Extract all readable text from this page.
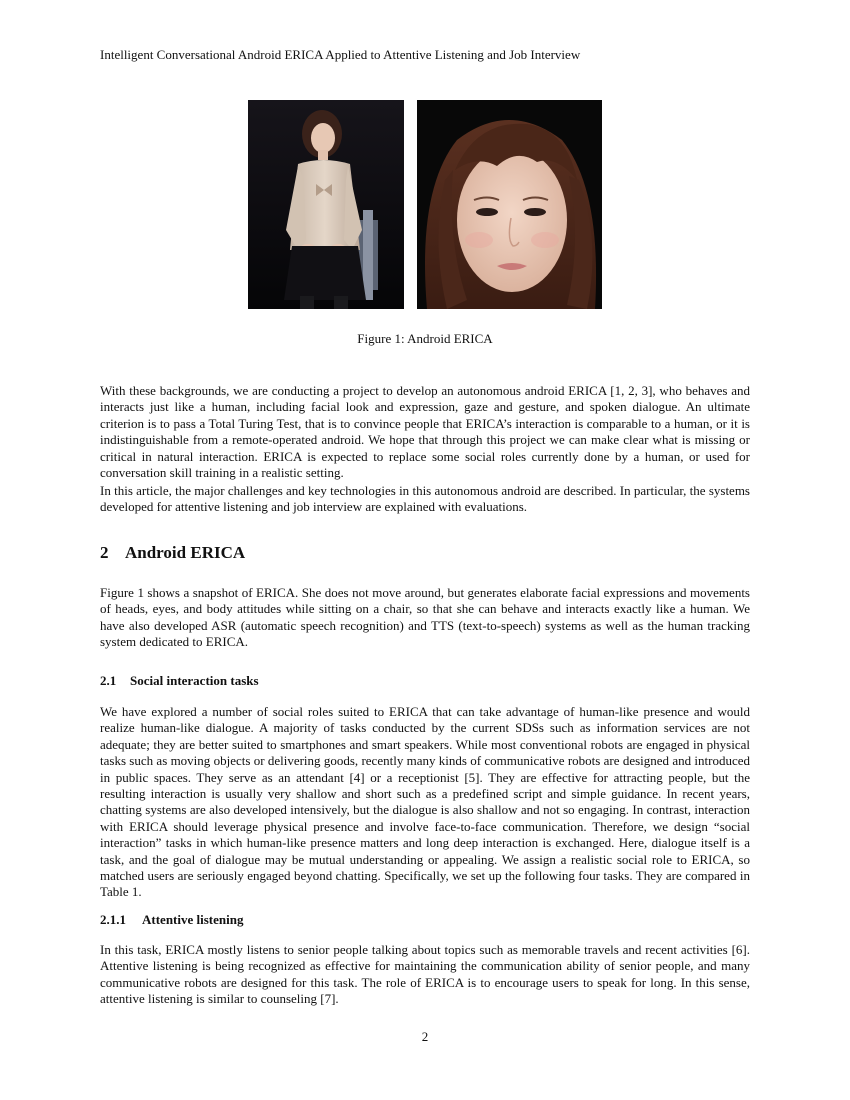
Intelligent Conversational Android ERICA Applied to Attentive Listening and Job Interview
Figure 1: Android ERICA

With these backgrounds, we are conducting a project to develop an autonomous android ERICA [1, 2, 3], who behaves and interacts just like a human, including facial look and expression, gaze and gesture, and spoken dialogue. An ultimate criterion is to pass a Total Turing Test, that is to convince people that ERICA’s interaction is comparable to a human, or it is indistinguishable from a remote-operated android. We hope that through this project we can make clear what is missing or critical in natural interaction. ERICA is expected to replace some social roles currently done by a human, or used for conversation skill training in a realistic setting.

In this article, the major challenges and key technologies in this autonomous android are described. In particular, the systems developed for attentive listening and job interview are explained with evaluations.

2 Android ERICA

Figure 1 shows a snapshot of ERICA. She does not move around, but generates elaborate facial expressions and movements of heads, eyes, and body attitudes while sitting on a chair, so that she can behave and interacts exactly like a human. We have also developed ASR (automatic speech recognition) and TTS (text-to-speech) systems as well as the human tracking system dedicated to ERICA.

2.1 Social interaction tasks

We have explored a number of social roles suited to ERICA that can take advantage of human-like presence and would realize human-like dialogue. A majority of tasks conducted by the current SDSs such as information services are not adequate; they are better suited to smartphones and smart speakers. While most conventional robots are engaged in physical tasks such as moving objects or delivering goods, recently many kinds of communicative robots are designed and introduced in public spaces. They serve as an attendant [4] or a receptionist [5]. They are effective for attracting people, but the resulting interaction is usually very shallow and short such as a predefined script and simple guidance. In recent years, chatting systems are also developed intensively, but the dialogue is also shallow and not so engaging. In contrast, interaction with ERICA should leverage physical presence and involve face-to-face communication. Therefore, we design “social interaction” tasks in which human-like presence matters and long deep interaction is exchanged. Here, dialogue itself is a task, and the goal of dialogue may be mutual understanding or appealing. We assign a realistic social role to ERICA, so matched users are seriously engaged beyond chatting. Specifically, we set up the following four tasks. They are compared in Table 1.

2.1.1 Attentive listening

In this task, ERICA mostly listens to senior people talking about topics such as memorable travels and recent activities [6]. Attentive listening is being recognized as effective for maintaining the communication ability of senior people, and many communicative robots are designed for this task. The role of ERICA is to encourage users to speak for long. In this sense, attentive listening is similar to counseling [7].

2
